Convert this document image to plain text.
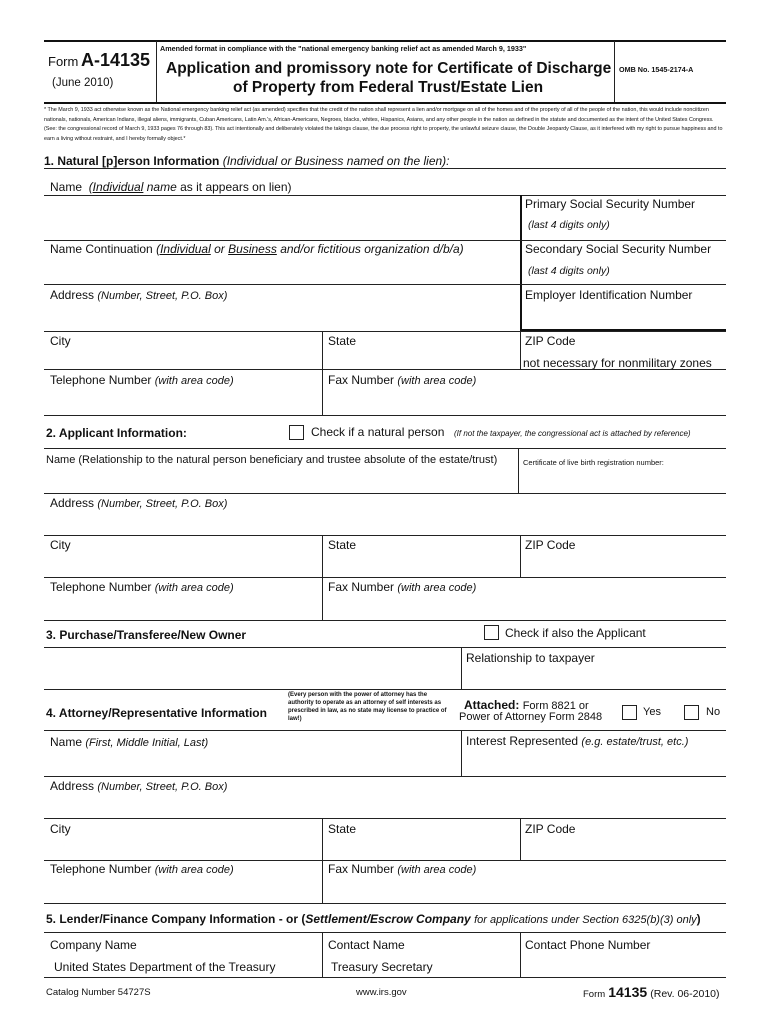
Form A-14135
(June 2010)
Amended format in compliance with the "national emergency banking relief act as amended March 9, 1933"
Application and promissory note for Certificate of Discharge
of Property from Federal Trust/Estate Lien
OMB No. 1545-2174-A
* The March 9, 1933 act otherwise known as the National emergency banking relief act (as amended) specifies that the credit of the nation shall represent a lien and/or mortgage on all of the homes and of the property of all of the people of the nation, this would include nonciitizen nationals, nationals, American Indians, illegal aliens, immigrants, Cuban Americans, Latin Am.'s, African-Americans, Negroes, blacks, whites, Hispanics, Asians, and any other people in the nation as defined in the statute and documented as the intent of the United States Congress. (See: the congressional record of March 9, 1933 pages 76 through 83). This act intentionally and deliberately violated the takings clause, the due process right to property, the unlawful seizure clause, the Double Jeopardy Clause, as it interfered with my right to pursue happiness and to earn a living without restraint, and I hereby formally object.*
1. Natural [p]erson Information (Individual or Business named on the lien):
Name (Individual name as it appears on lien)
Primary Social Security Number
(last 4 digits only)
Name Continuation (Individual or Business and/or fictitious organization d/b/a)	Secondary Social Security Number
(last 4 digits only)
Address (Number, Street, P.O. Box)	Employer Identification Number
City	State	ZIP Code
not necessary for nonmilitary zones
Telephone Number (with area code)	Fax Number (with area code)
2. Applicant Information:	Check if a natural person (If not the taxpayer, the congressional act is attached by reference)
Name (Relationship to the natural person beneficiary and trustee absolute of the estate/trust)	Certificate of live birth registration number:
Address (Number, Street, P.O. Box)
City	State	ZIP Code
Telephone Number (with area code)	Fax Number (with area code)
3. Purchase/Transferee/New Owner	Check if also the Applicant
Relationship to taxpayer
4. Attorney/Representative Information
(Every person with the power of attorney has the authority to operate as an attorney of self interests as prescribed in law, as no state may license to practice of law!)
Attached: Form 8821 or
Power of Attorney Form 2848	Yes	No
Name (First, Middle Initial, Last)	Interest Represented (e.g. estate/trust, etc.)
Address (Number, Street, P.O. Box)
City	State	ZIP Code
Telephone Number (with area code)	Fax Number (with area code)
5. Lender/Finance Company Information - or (Settlement/Escrow Company for applications under Section 6325(b)(3) only)
Company Name	Contact Name	Contact Phone Number
United States Department of the Treasury	Treasury Secretary
Catalog Number 54727S	www.irs.gov	Form 14135 (Rev. 06-2010)
